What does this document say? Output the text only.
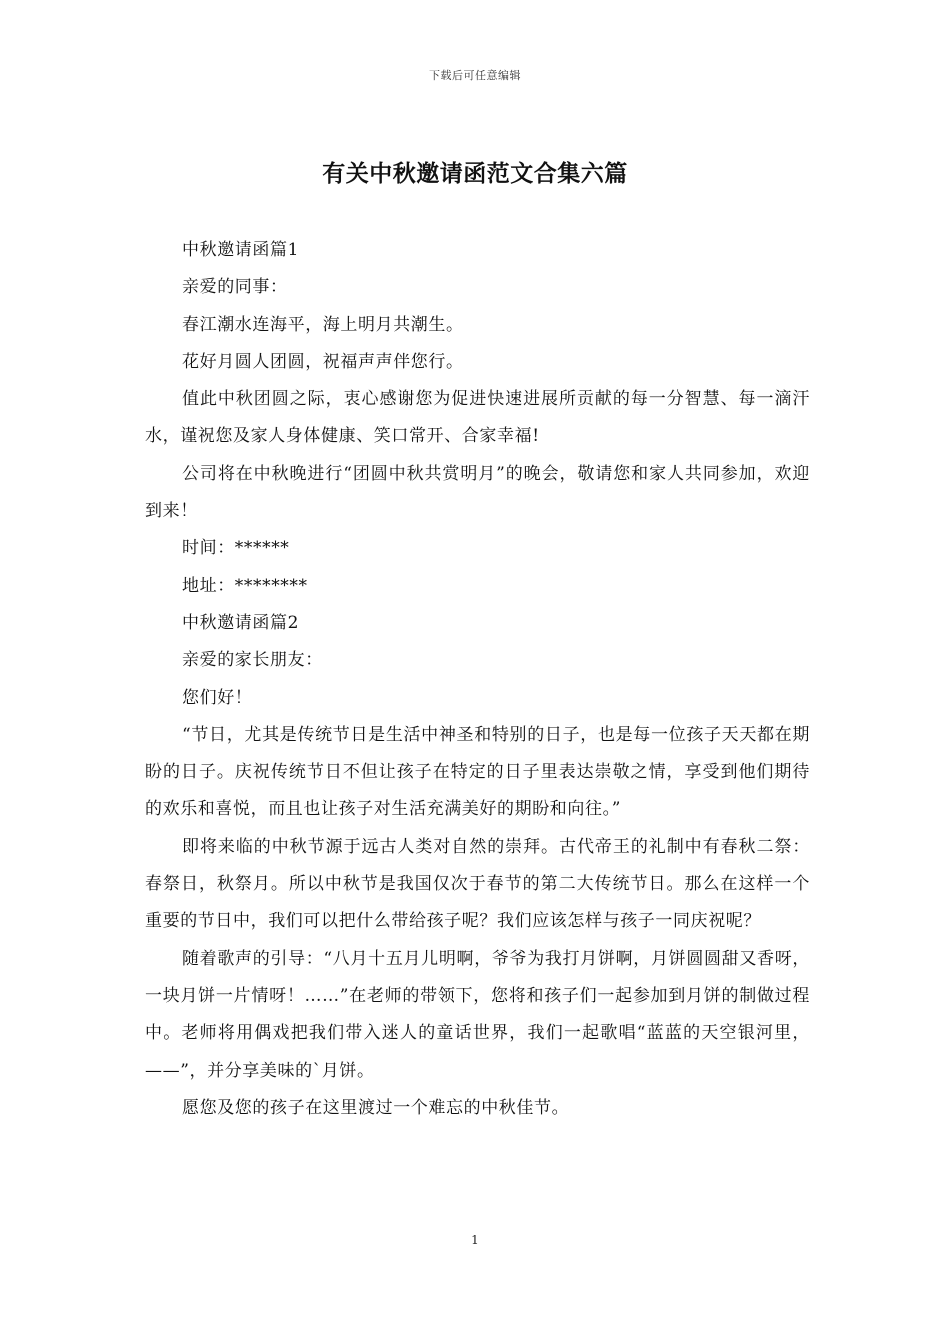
下载后可任意编辑
有关中秋邀请函范文合集六篇

中秋邀请函篇1

亲爱的同事：

春江潮水连海平，海上明月共潮生。

花好月圆人团圆，祝福声声伴您行。

值此中秋团圆之际，衷心感谢您为促进快速进展所贡献的每一分智慧、每一滴汗水，谨祝您及家人身体健康、笑口常开、合家幸福!

公司将在中秋晚进行“团圆中秋共赏明月”的晚会，敬请您和家人共同参加，欢迎到来！

时间：******

地址：********

中秋邀请函篇2

亲爱的家长朋友：

您们好！

“节日，尤其是传统节日是生活中神圣和特别的日子，也是每一位孩子天天都在期盼的日子。庆祝传统节日不但让孩子在特定的日子里表达崇敬之情，享受到他们期待的欢乐和喜悦，而且也让孩子对生活充满美好的期盼和向往。”

即将来临的中秋节源于远古人类对自然的崇拜。古代帝王的礼制中有春秋二祭：春祭日，秋祭月。所以中秋节是我国仅次于春节的第二大传统节日。那么在这样一个重要的节日中，我们可以把什么带给孩子呢？我们应该怎样与孩子一同庆祝呢？

随着歌声的引导：“八月十五月儿明啊，爷爷为我打月饼啊，月饼圆圆甜又香呀，一块月饼一片情呀！……”在老师的带领下，您将和孩子们一起参加到月饼的制做过程中。老师将用偶戏把我们带入迷人的童话世界，我们一起歌唱“蓝蓝的天空银河里，——”，并分享美味的`月饼。

愿您及您的孩子在这里渡过一个难忘的中秋佳节。

1
